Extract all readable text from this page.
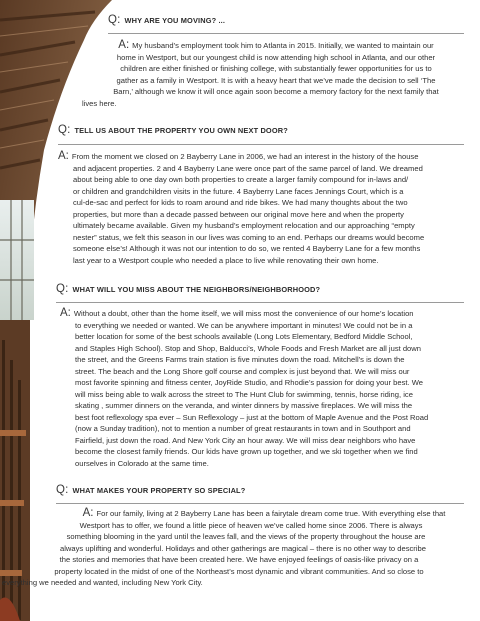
Q: WHY ARE YOU MOVING? ...
A: My husband’s employment took him to Atlanta in 2015. Initially, we wanted to maintain our
home in Westport, but our youngest child is now attending high school in Atlanta, and our other
children are either finished or finishing college, with substantially fewer opportunities for us to
gather as a family in Westport. It is with a heavy heart that we’ve made the decision to sell ‘The
Barn,’ although we know it will once again soon become a memory factory for the next family that
lives here.
Q: TELL US ABOUT THE PROPERTY YOU OWN NEXT DOOR?
A: From the moment we closed on 2 Bayberry Lane in 2006, we had an interest in the history of the house
and adjacent properties. 2 and 4 Bayberry Lane were once part of the same parcel of land. We dreamed
about being able to one day own both properties to create a larger family compound for in-laws and/
or children and grandchildren visits in the future. 4 Bayberry Lane faces Jennings Court, which is a
cul-de-sac and perfect for kids to roam around and ride bikes. We had many thoughts about the two
properties, but more than a decade passed between our original move here and when the property
ultimately became available. Given my husband’s employment relocation and our approaching “empty
nester” status, we felt this season in our lives was coming to an end. Perhaps our dreams would become
someone else’s! Although it was not our intention to do so, we rented 4 Bayberry Lane for a few months
last year to a Westport couple who needed a place to live while renovating their own home.
Q: WHAT WILL YOU MISS ABOUT THE NEIGHBORS/NEIGHBORHOOD?
A: Without a doubt, other than the home itself, we will miss most the convenience of our home’s location
to everything we needed or wanted. We can be anywhere important in minutes! We could not be in a
better location for some of the best schools available (Long Lots Elementary, Bedford Middle School,
and Staples High School). Stop and Shop, Balducci’s, Whole Foods and Fresh Market are all just down
the street, and the Greens Farms train station is five minutes down the road. Mitchell’s is down the
street. The beach and the Long Shore golf course and complex is just beyond that. We will miss our
most favorite spinning and fitness center, JoyRide Studio, and Rhodie’s passion for doing your best. We
will miss being able to walk across the street to The Hunt Club for swimming, tennis, horse riding, ice
skating , summer dinners on the veranda, and winter dinners by massive fireplaces. We will miss the
best foot reflexology spa ever – Sun Reflexology – just at the bottom of Maple Avenue and the Post Road
(now a Sunday tradition), not to mention a number of great restaurants in town and in Southport and
Fairfield, just down the road. And New York City an hour away. We will miss dear neighbors who have
become the closest family friends. Our kids have grown up together, and we ski together when we find
ourselves in Colorado at the same time.
Q: WHAT MAKES YOUR PROPERTY SO SPECIAL?
A: For our family, living at 2 Bayberry Lane has been a fairytale dream come true. With everything else that
Westport has to offer, we found a little piece of heaven we’ve called home since 2006. There is always
something blooming in the yard until the leaves fall, and the views of the property throughout the house are
always uplifting and wonderful. Holidays and other gatherings are magical – there is no other way to describe
the stories and memories that have been created here. We have enjoyed feelings of oasis-like privacy on a
property located in the midst of one of the Northeast’s most dynamic and vibrant communities. And so close to
everything we needed and wanted, including New York City.
